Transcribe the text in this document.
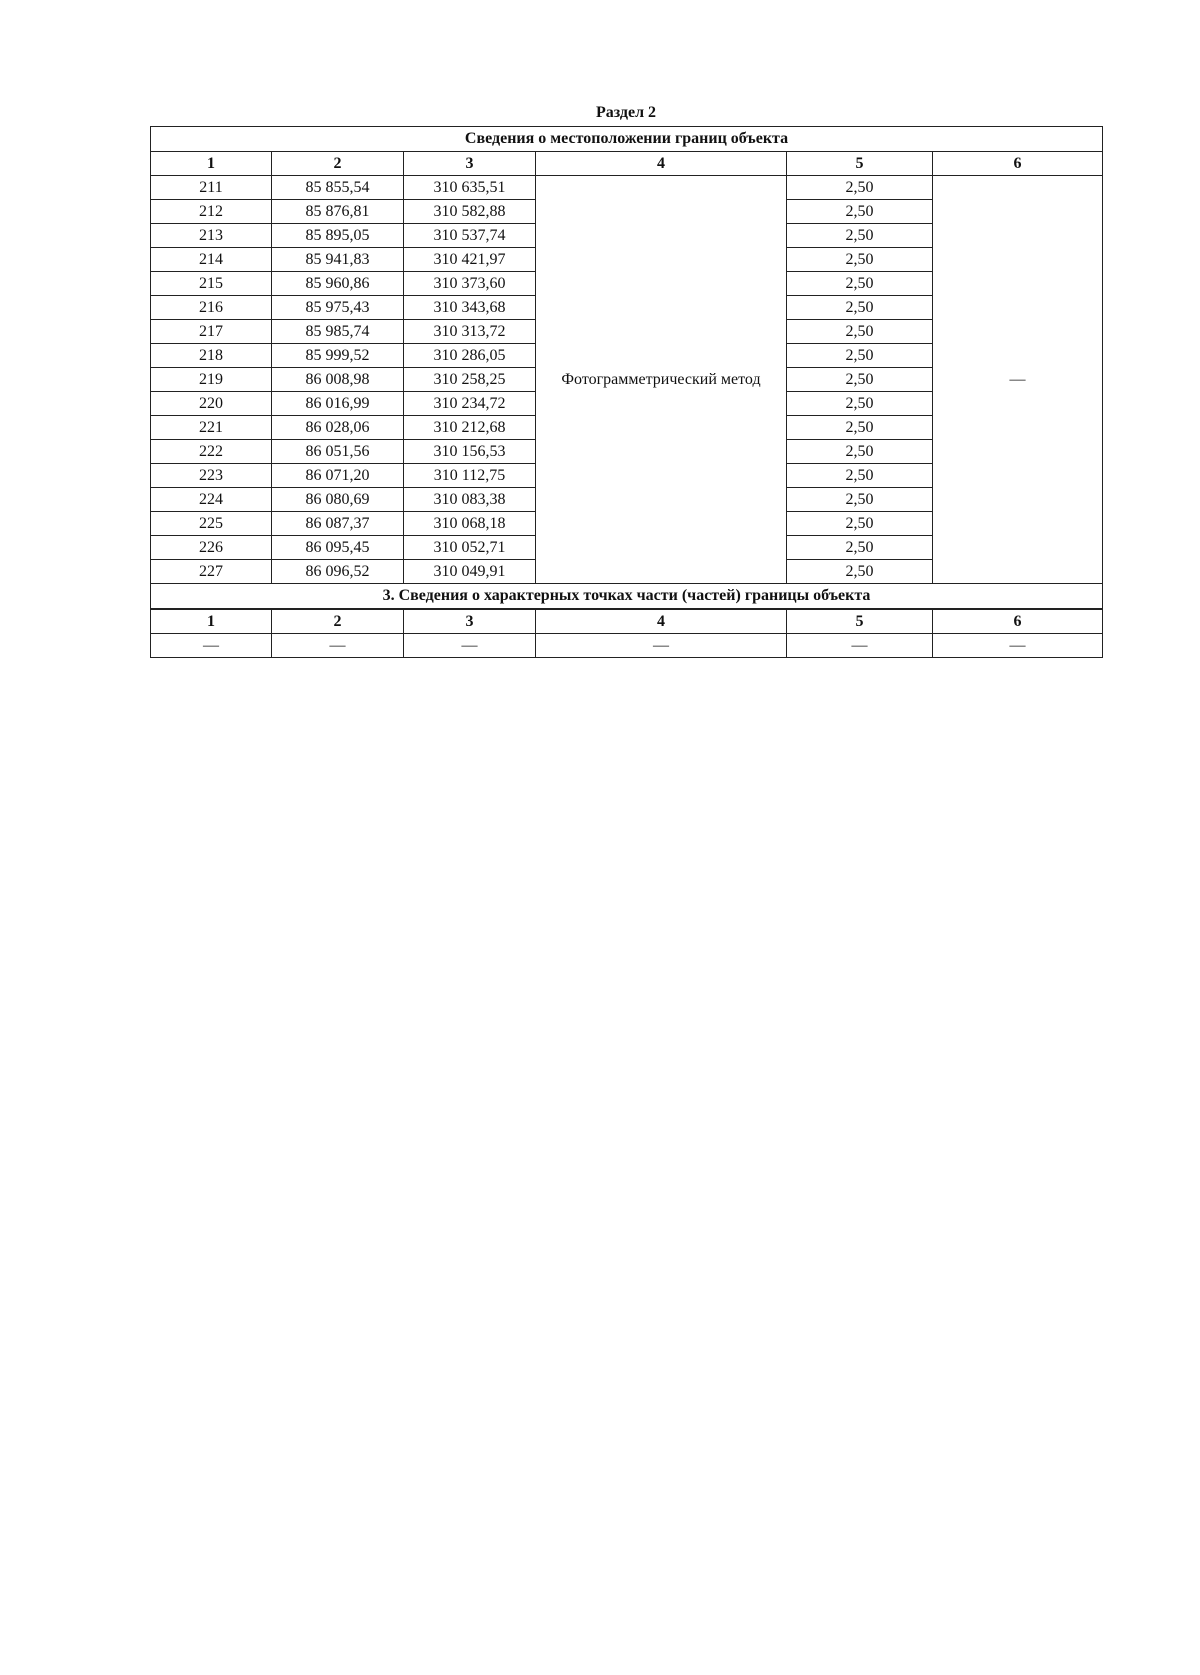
Раздел 2
Сведения о местоположении границ объекта					
1	2	3	4	5	6
211	85 855,54	310 635,51	Фотограмметрический метод	2,50	—
212	85 876,81	310 582,88		2,50	
213	85 895,05	310 537,74		2,50	
214	85 941,83	310 421,97		2,50	
215	85 960,86	310 373,60		2,50	
216	85 975,43	310 343,68		2,50	
217	85 985,74	310 313,72		2,50	
218	85 999,52	310 286,05		2,50	
219	86 008,98	310 258,25		2,50	
220	86 016,99	310 234,72		2,50	
221	86 028,06	310 212,68		2,50	
222	86 051,56	310 156,53		2,50	
223	86 071,20	310 112,75		2,50	
224	86 080,69	310 083,38		2,50	
225	86 087,37	310 068,18		2,50	
226	86 095,45	310 052,71		2,50	
227	86 096,52	310 049,91		2,50	
3. Сведения о характерных точках части (частей) границы объекта					
1	2	3	4	5	6
—	—	—	—	—	—
